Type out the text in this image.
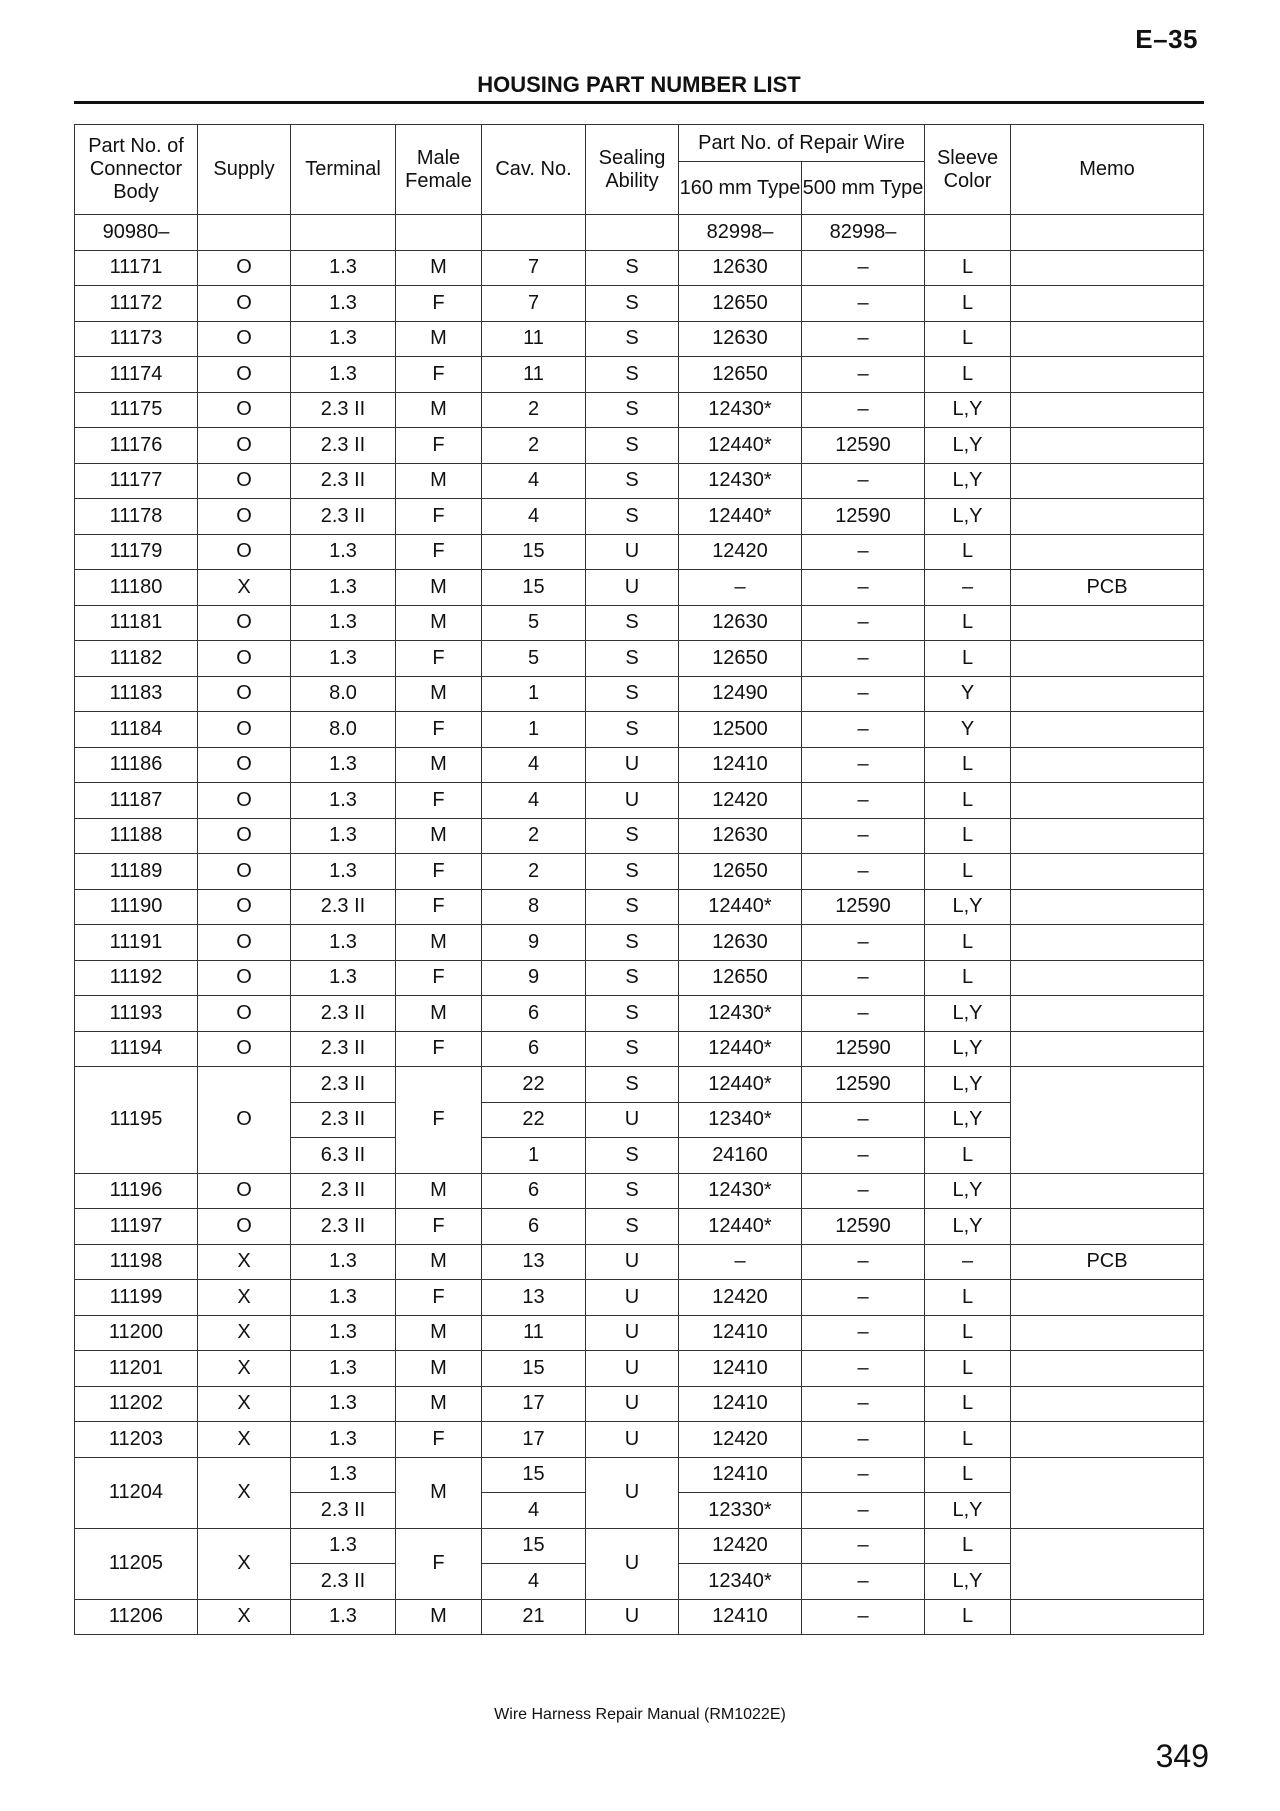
E–35
HOUSING PART NUMBER LIST
Part No. of Connector Body	Supply	Terminal	Male Female	Cav. No.	Sealing Ability	Part No. of Repair Wire		Sleeve Color	Memo
						160 mm Type	500 mm Type		
90980–						82998–	82998–		
11171	O	1.3	M	7	S	12630	–	L	
11172	O	1.3	F	7	S	12650	–	L	
11173	O	1.3	M	11	S	12630	–	L	
11174	O	1.3	F	11	S	12650	–	L	
11175	O	2.3 II	M	2	S	12430*	–	L,Y	
11176	O	2.3 II	F	2	S	12440*	12590	L,Y	
11177	O	2.3 II	M	4	S	12430*	–	L,Y	
11178	O	2.3 II	F	4	S	12440*	12590	L,Y	
11179	O	1.3	F	15	U	12420	–	L	
11180	X	1.3	M	15	U	–	–	–	PCB
11181	O	1.3	M	5	S	12630	–	L	
11182	O	1.3	F	5	S	12650	–	L	
11183	O	8.0	M	1	S	12490	–	Y	
11184	O	8.0	F	1	S	12500	–	Y	
11186	O	1.3	M	4	U	12410	–	L	
11187	O	1.3	F	4	U	12420	–	L	
11188	O	1.3	M	2	S	12630	–	L	
11189	O	1.3	F	2	S	12650	–	L	
11190	O	2.3 II	F	8	S	12440*	12590	L,Y	
11191	O	1.3	M	9	S	12630	–	L	
11192	O	1.3	F	9	S	12650	–	L	
11193	O	2.3 II	M	6	S	12430*	–	L,Y	
11194	O	2.3 II	F	6	S	12440*	12590	L,Y	
11195	O	2.3 II	F	22	S	12440*	12590	L,Y	
		2.3 II		22	U	12340*	–	L,Y	
		6.3 II		1	S	24160	–	L	
11196	O	2.3 II	M	6	S	12430*	–	L,Y	
11197	O	2.3 II	F	6	S	12440*	12590	L,Y	
11198	X	1.3	M	13	U	–	–	–	PCB
11199	X	1.3	F	13	U	12420	–	L	
11200	X	1.3	M	11	U	12410	–	L	
11201	X	1.3	M	15	U	12410	–	L	
11202	X	1.3	M	17	U	12410	–	L	
11203	X	1.3	F	17	U	12420	–	L	
11204	X	1.3	M	15	U	12410	–	L	
		2.3 II		4		12330*	–	L,Y	
11205	X	1.3	F	15	U	12420	–	L	
		2.3 II		4		12340*	–	L,Y	
11206	X	1.3	M	21	U	12410	–	L	
Wire Harness Repair Manual (RM1022E)
349
